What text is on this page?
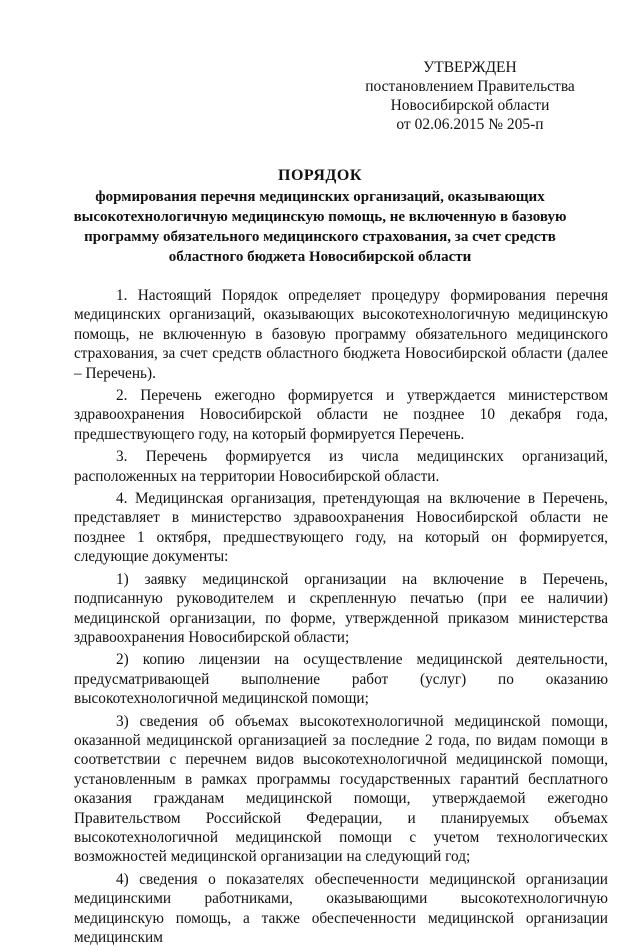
УТВЕРЖДЕН
постановлением Правительства
Новосибирской области
от 02.06.2015 № 205-п
ПОРЯДОК
формирования перечня медицинских организаций, оказывающих высокотехнологичную медицинскую помощь, не включенную в базовую программу обязательного медицинского страхования, за счет средств областного бюджета Новосибирской области

1. Настоящий Порядок определяет процедуру формирования перечня медицинских организаций, оказывающих высокотехнологичную медицинскую помощь, не включенную в базовую программу обязательного медицинского страхования, за счет средств областного бюджета Новосибирской области (далее – Перечень).

2. Перечень ежегодно формируется и утверждается министерством здравоохранения Новосибирской области не позднее 10 декабря года, предшествующего году, на который формируется Перечень.

3. Перечень формируется из числа медицинских организаций, расположенных на территории Новосибирской области.

4. Медицинская организация, претендующая на включение в Перечень, представляет в министерство здравоохранения Новосибирской области не позднее 1 октября, предшествующего году, на который он формируется, следующие документы:

1) заявку медицинской организации на включение в Перечень, подписанную руководителем и скрепленную печатью (при ее наличии) медицинской организации, по форме, утвержденной приказом министерства здравоохранения Новосибирской области;

2) копию лицензии на осуществление медицинской деятельности, предусматривающей выполнение работ (услуг) по оказанию высокотехнологичной медицинской помощи;

3) сведения об объемах высокотехнологичной медицинской помощи, оказанной медицинской организацией за последние 2 года, по видам помощи в соответствии с перечнем видов высокотехнологичной медицинской помощи, установленным в рамках программы государственных гарантий бесплатного оказания гражданам медицинской помощи, утверждаемой ежегодно Правительством Российской Федерации, и планируемых объемах высокотехнологичной медицинской помощи с учетом технологических возможностей медицинской организации на следующий год;

4) сведения о показателях обеспеченности медицинской организации медицинскими работниками, оказывающими высокотехнологичную медицинскую помощь, а также обеспеченности медицинской организации медицинским
